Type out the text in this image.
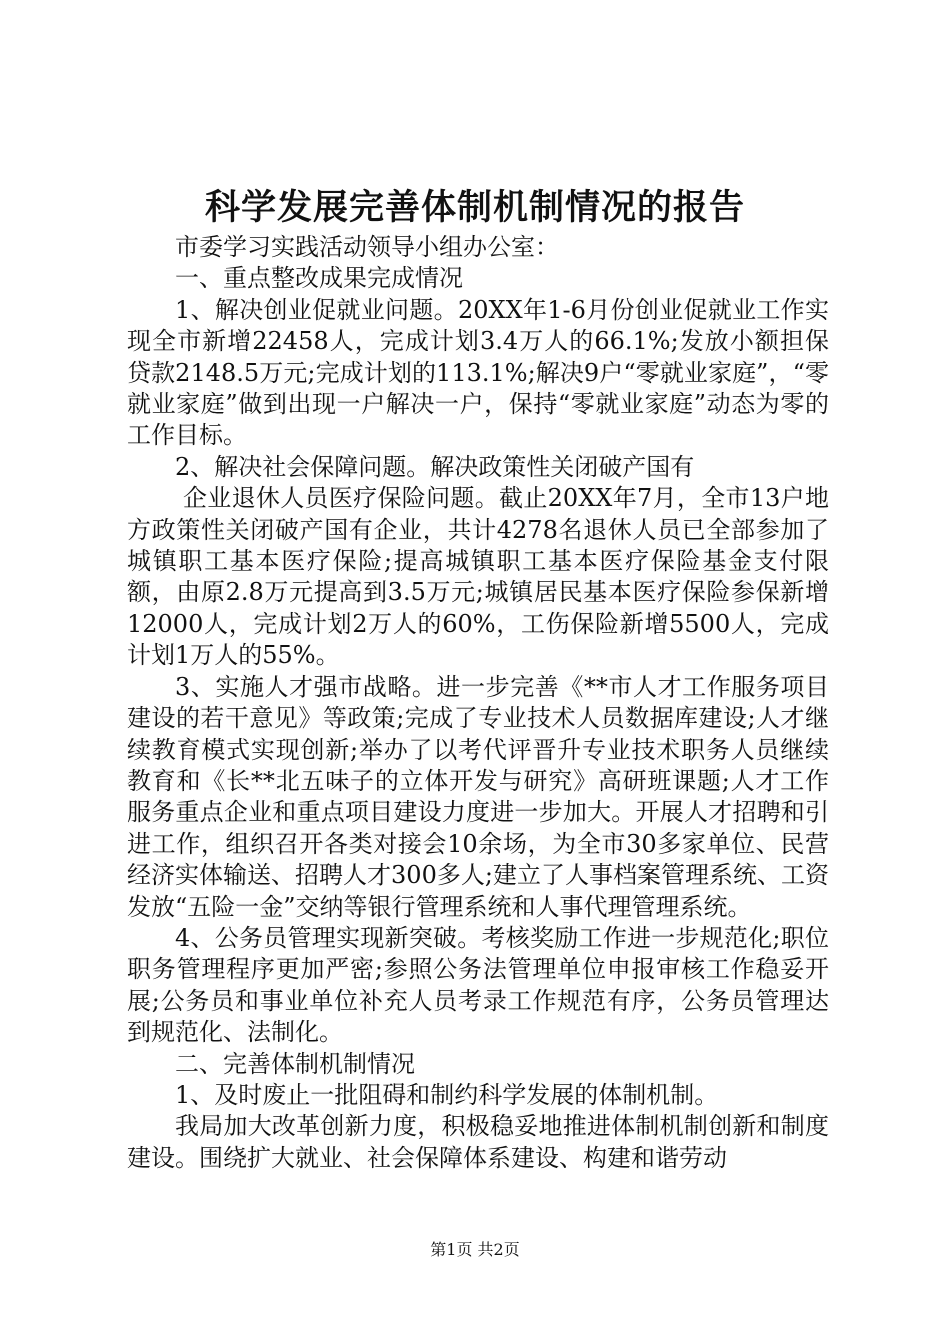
科学发展完善体制机制情况的报告

市委学习实践活动领导小组办公室：

一、重点整改成果完成情况

1、解决创业促就业问题。20XX年1-6月份创业促就业工作实现全市新增22458人，完成计划3.4万人的66.1%;发放小额担保贷款2148.5万元;完成计划的113.1%;解决9户“零就业家庭”，“零就业家庭”做到出现一户解决一户，保持“零就业家庭”动态为零的工作目标。

2、解决社会保障问题。解决政策性关闭破产国有

企业退休人员医疗保险问题。截止20XX年7月，全市13户地方政策性关闭破产国有企业，共计4278名退休人员已全部参加了城镇职工基本医疗保险;提高城镇职工基本医疗保险基金支付限额，由原2.8万元提高到3.5万元;城镇居民基本医疗保险参保新增12000人，完成计划2万人的60%，工伤保险新增5500人，完成计划1万人的55%。

3、实施人才强市战略。进一步完善《**市人才工作服务项目建设的若干意见》等政策;完成了专业技术人员数据库建设;人才继续教育模式实现创新;举办了以考代评晋升专业技术职务人员继续教育和《长**北五味子的立体开发与研究》高研班课题;人才工作服务重点企业和重点项目建设力度进一步加大。开展人才招聘和引进工作，组织召开各类对接会10余场，为全市30多家单位、民营经济实体输送、招聘人才300多人;建立了人事档案管理系统、工资发放“五险一金”交纳等银行管理系统和人事代理管理系统。

4、公务员管理实现新突破。考核奖励工作进一步规范化;职位职务管理程序更加严密;参照公务法管理单位申报审核工作稳妥开展;公务员和事业单位补充人员考录工作规范有序，公务员管理达到规范化、法制化。

二、完善体制机制情况

1、及时废止一批阻碍和制约科学发展的体制机制。

我局加大改革创新力度，积极稳妥地推进体制机制创新和制度建设。围绕扩大就业、社会保障体系建设、构建和谐劳动

第1页 共2页
